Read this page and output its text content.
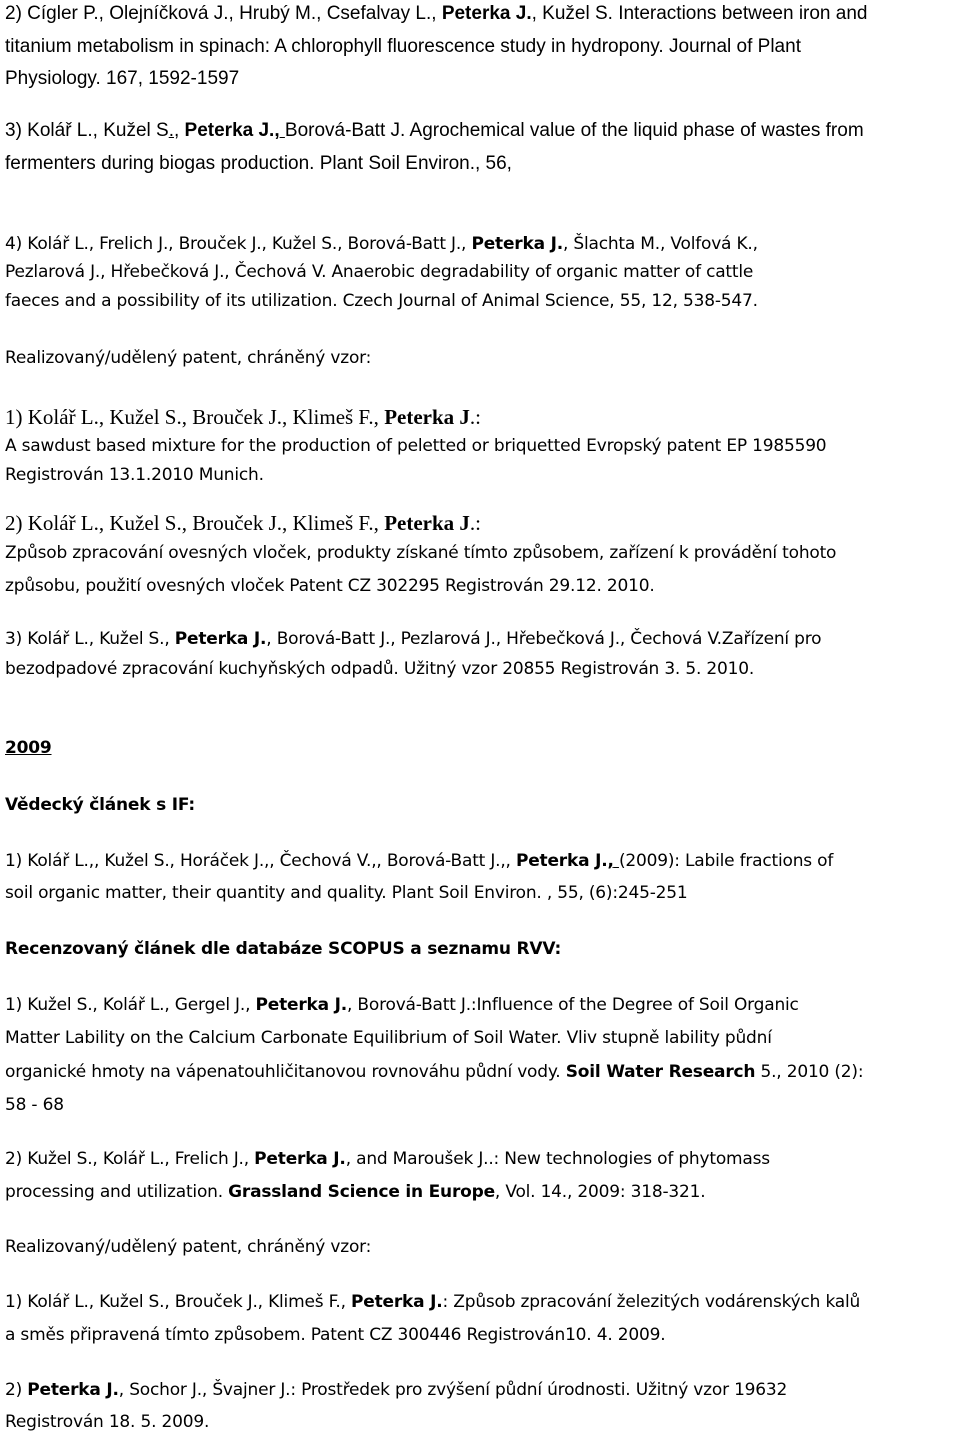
2) Cígler P., Olejníčková J., Hrubý M., Csefalvay L., Peterka J., Kužel S. Interactions between iron and
titanium metabolism in spinach: A chlorophyll fluorescence study in hydropony. Journal of Plant
Physiology. 167, 1592-1597
3) Kolář L., Kužel S., Peterka J., Borová-Batt J. Agrochemical value of the liquid phase of wastes from
fermenters during biogas production. Plant Soil Environ., 56,
4) Kolář L., Frelich J., Brouček J., Kužel S., Borová-Batt J., Peterka J., Šlachta M., Volfová K.,
Pezlarová J., Hřebečková J., Čechová V. Anaerobic degradability of organic matter of cattle
faeces and a possibility of its utilization. Czech Journal of Animal Science, 55, 12, 538-547.
Realizovaný/udělený patent, chráněný vzor:
1) Kolář L., Kužel S., Brouček J., Klimeš F., Peterka J.:
A sawdust based mixture for the production of peletted or briquetted Evropský patent EP 1985590
Registrován 13.1.2010 Munich.
2) Kolář L., Kužel S., Brouček J., Klimeš F., Peterka J.:
Způsob zpracování ovesných vloček, produkty získané tímto způsobem, zařízení k provádění tohoto
způsobu, použití ovesných vloček Patent CZ 302295 Registrován 29.12. 2010.
3) Kolář L., Kužel S., Peterka J., Borová-Batt J., Pezlarová J., Hřebečková J., Čechová V.Zařízení pro
bezodpadové zpracování kuchyňských odpadů. Užitný vzor 20855 Registrován 3. 5. 2010.
2009
Vědecký článek s IF:
1) Kolář L.,, Kužel S., Horáček J.,, Čechová V.,, Borová-Batt J.,, Peterka J., (2009): Labile fractions of
soil organic matter, their quantity and quality. Plant Soil Environ. , 55, (6):245-251
Recenzovaný článek dle databáze SCOPUS a seznamu RVV:
1) Kužel S., Kolář L., Gergel J., Peterka J., Borová-Batt J.:Influence of the Degree of Soil Organic
Matter Lability on the Calcium Carbonate Equilibrium of Soil Water. Vliv stupně lability půdní
organické hmoty na vápenatouhličitanovou rovnováhu půdní vody. Soil Water Research 5., 2010 (2):
58 - 68
2) Kužel S., Kolář L., Frelich J., Peterka J., and Maroušek J..: New technologies of phytomass
processing and utilization. Grassland Science in Europe, Vol. 14., 2009: 318-321.
Realizovaný/udělený patent, chráněný vzor:
1) Kolář L., Kužel S., Brouček J., Klimeš F., Peterka J.: Způsob zpracování železitých vodárenských kalů
a směs připravená tímto způsobem. Patent CZ 300446 Registrován10. 4. 2009.
2) Peterka J., Sochor J., Švajner J.: Prostředek pro zvýšení půdní úrodnosti. Užitný vzor 19632
Registrován 18. 5. 2009.
